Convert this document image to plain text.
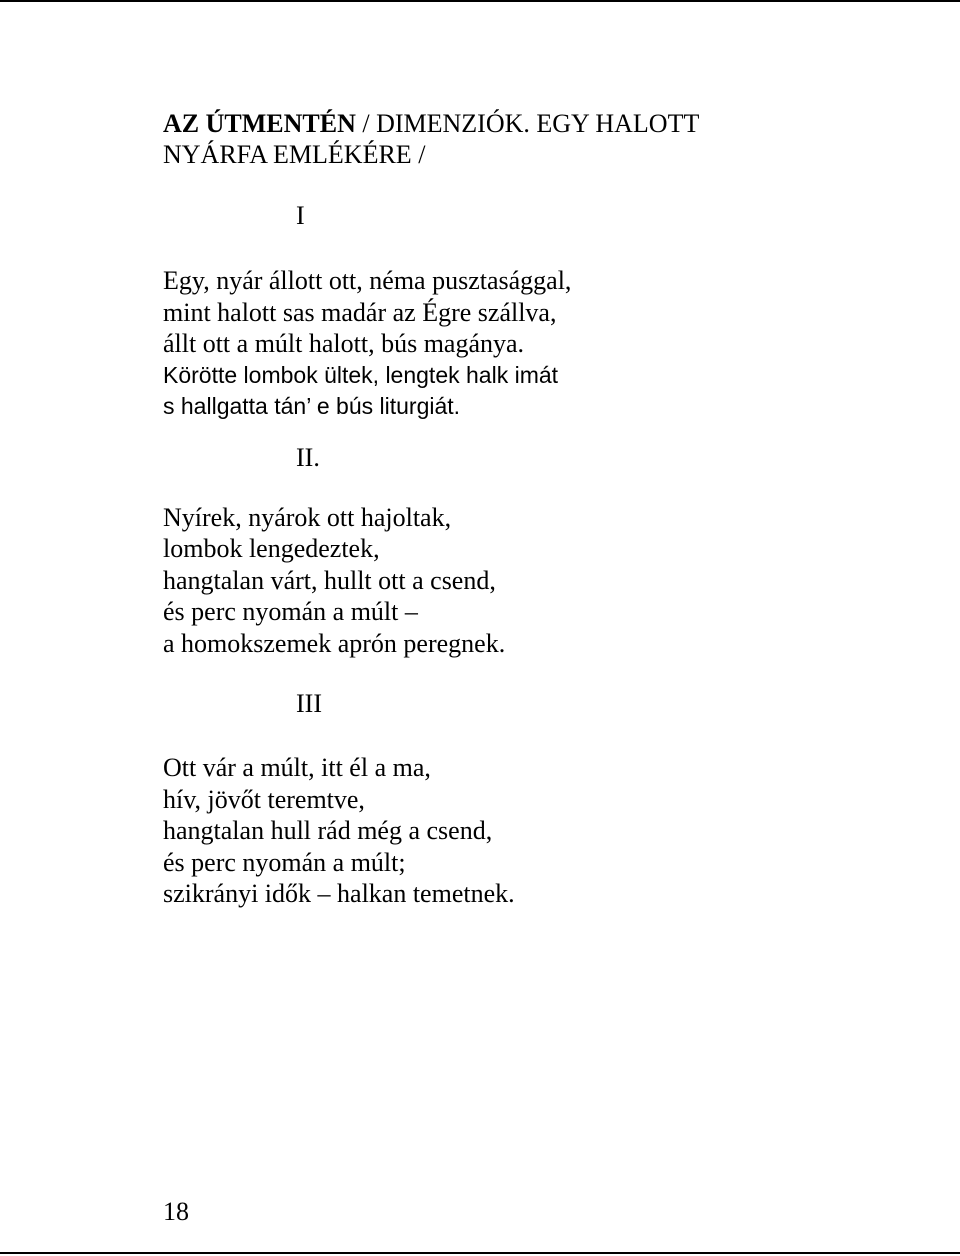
AZ ÚTMENTÉN / DIMENZIÓK. EGY HALOTT
NYÁRFA EMLÉKÉRE /
I
Egy, nyár állott ott, néma pusztasággal,
mint halott sas madár az Égre szállva,
állt ott a múlt halott, bús magánya.
Körötte lombok ültek, lengtek halk imát
s hallgatta tán’ e bús liturgiát.
II.
Nyírek, nyárok ott hajoltak,
lombok lengedeztek,
hangtalan várt, hullt ott a csend,
és perc nyomán a múlt –
a homokszemek aprón peregnek.
III
Ott vár a múlt, itt él a ma,
hív, jövőt teremtve,
hangtalan hull rád még a csend,
és perc nyomán a múlt;
szikrányi idők – halkan temetnek.
18
